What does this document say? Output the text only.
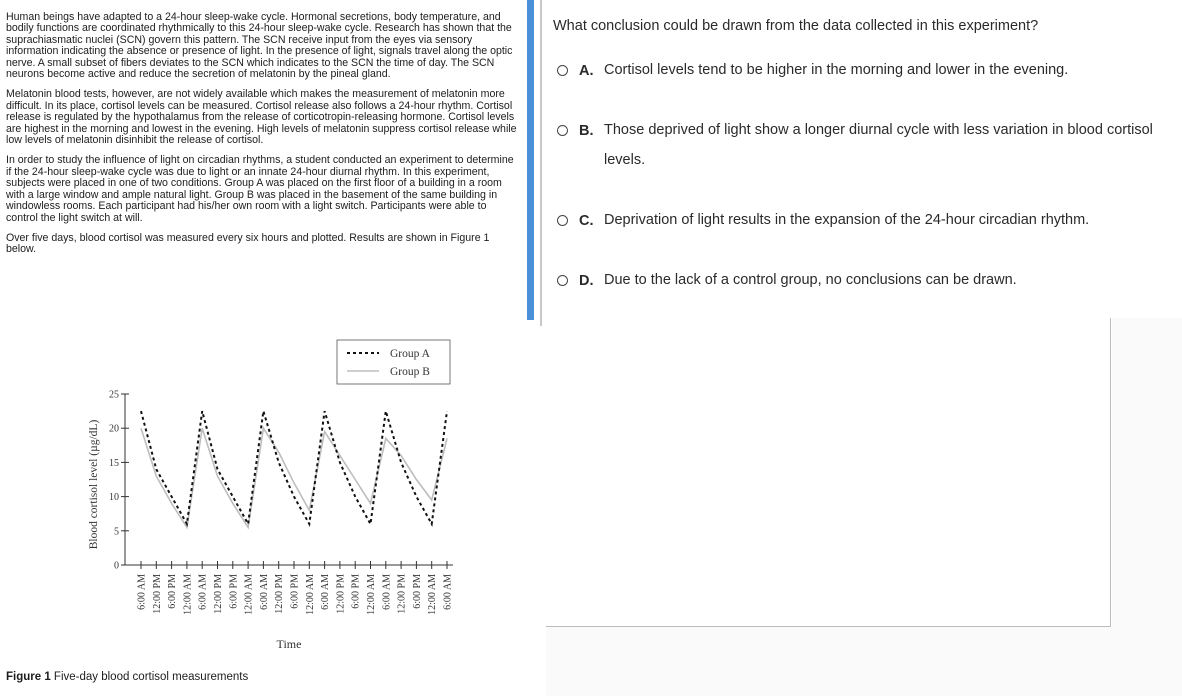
Human beings have adapted to a 24-hour sleep-wake cycle. Hormonal secretions, body temperature, and bodily functions are coordinated rhythmically to this 24-hour sleep-wake cycle. Research has shown that the suprachiasmatic nuclei (SCN) govern this pattern. The SCN receive input from the eyes via sensory information indicating the absence or presence of light. In the presence of light, signals travel along the optic nerve. A small subset of fibers deviates to the SCN which indicates to the SCN the time of day. The SCN neurons become active and reduce the secretion of melatonin by the pineal gland.

Melatonin blood tests, however, are not widely available which makes the measurement of melatonin more difficult. In its place, cortisol levels can be measured. Cortisol release also follows a 24-hour rhythm. Cortisol release is regulated by the hypothalamus from the release of corticotropin-releasing hormone. Cortisol levels are highest in the morning and lowest in the evening. High levels of melatonin suppress cortisol release while low levels of melatonin disinhibit the release of cortisol.

In order to study the influence of light on circadian rhythms, a student conducted an experiment to determine if the 24-hour sleep-wake cycle was due to light or an innate 24-hour diurnal rhythm. In this experiment, subjects were placed in one of two conditions. Group A was placed on the first floor of a building in a room with a large window and ample natural light. Group B was placed in the basement of the same building in windowless rooms. Each participant had his/her own room with a light switch. Participants were able to control the light switch at will.

Over five days, blood cortisol was measured every six hours and plotted. Results are shown in Figure 1 below.

0
5
10
15
20
25
6:00 AM 12:00 PM 6:00 PM 12:00 AM 6:00 AM 12:00 PM 6:00 PM 12:00 AM 6:00 AM 12:00 PM 6:00 PM 12:00 AM 6:00 AM 12:00 PM 6:00 PM 12:00 AM 6:00 AM 12:00 PM 6:00 PM 12:00 AM 6:00 AM
Blood cortisol level (µg/dL)
Time
Group A
Group B
Figure 1 Five-day blood cortisol measurements
What conclusion could be drawn from the data collected in this experiment?
A. Cortisol levels tend to be higher in the morning and lower in the evening.
B. Those deprived of light show a longer diurnal cycle with less variation in blood cortisol levels.
C. Deprivation of light results in the expansion of the 24-hour circadian rhythm.
D. Due to the lack of a control group, no conclusions can be drawn.
